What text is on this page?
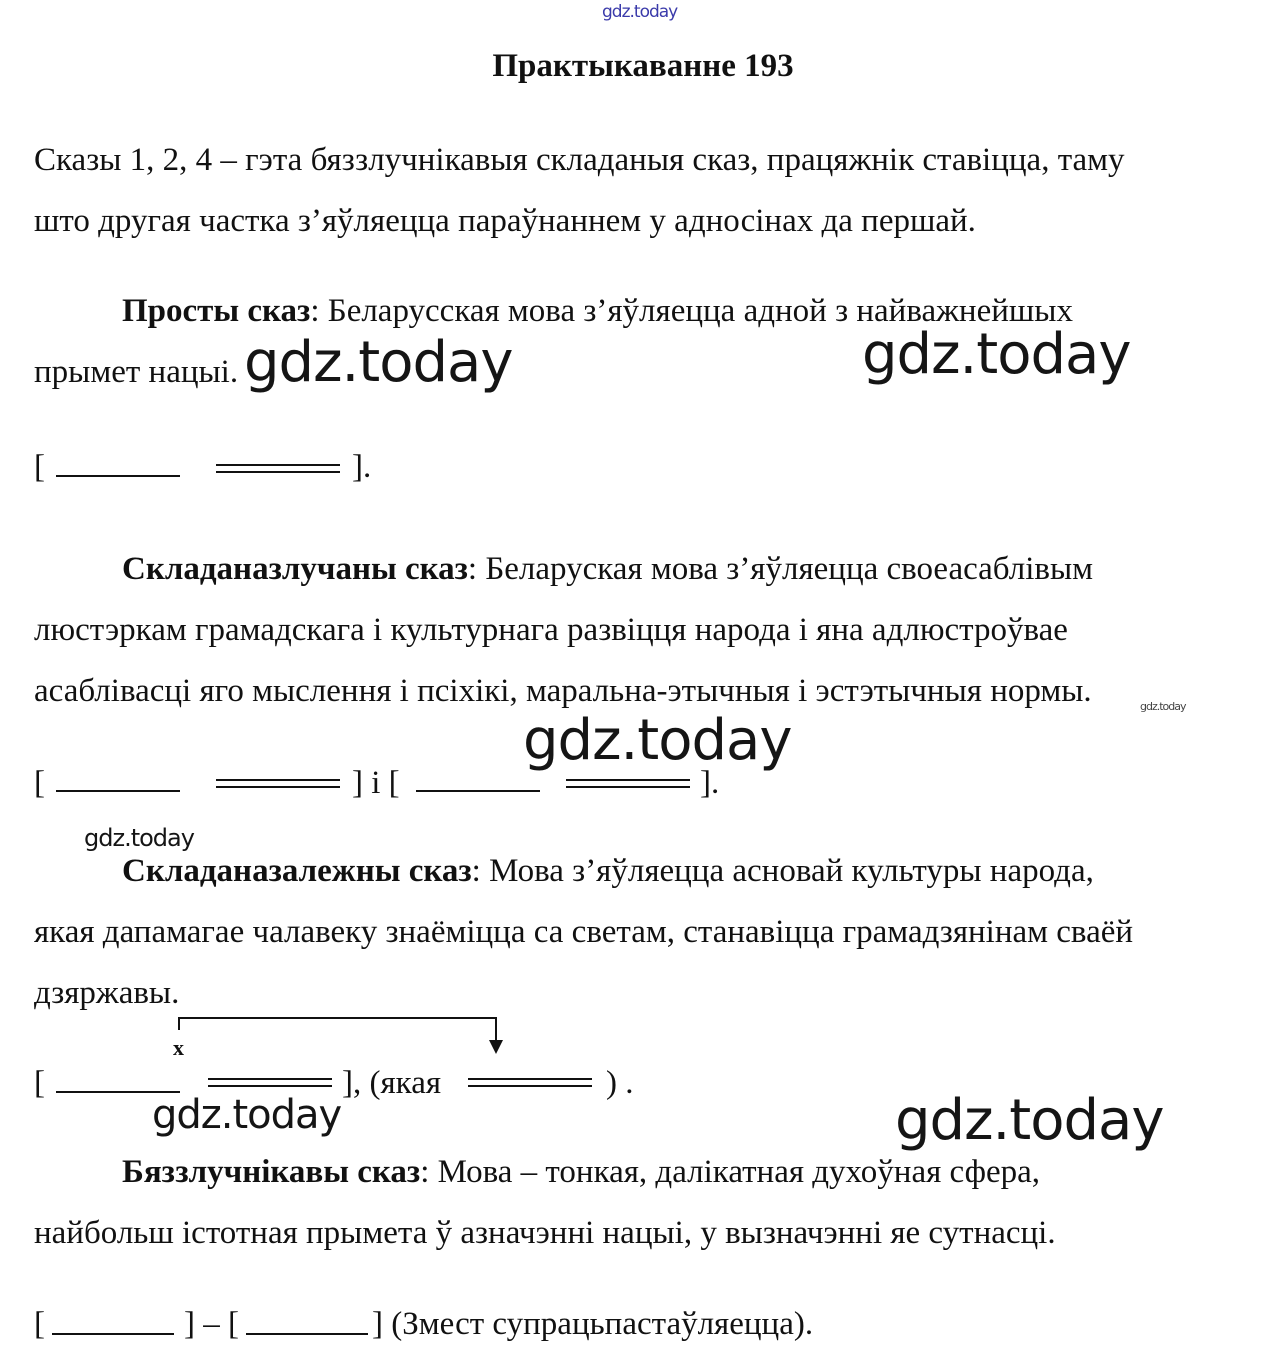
gdz.today
Практыкаванне 193
Сказы 1, 2, 4 – гэта бяззлучнікавыя складаныя сказ, працяжнік ставіцца, таму
што другая частка з’яўляецца параўнаннем у адносінах да першай.
Просты сказ: Беларусская мова з’яўляецца адной з найважнейшых
прымет нацыі. gdz.today	gdz.today
[	].
Складаназлучаны сказ: Беларуская мова з’яўляецца своеасаблівым
люстэркам грамадскага і культурнага развіцця народа і яна адлюстроўвае
асаблівасці яго мыслення і псіхікі, маральна-этычныя і эстэтычныя нормы.	gdz.today
gdz.today
[	] і [	].
gdz.today
Складаназалежны сказ: Мова з’яўляецца асновай культуры народа,
якая дапамагае чалавеку знаёміцца са светам, станавіцца грамадзянінам сваёй
дзяржавы.
х
[	], (якая	) .
gdz.today	gdz.today
Бяззлучнікавы сказ: Мова – тонкая, далікатная духоўная сфера,
найбольш істотная прымета ў азначэнні нацыі, у вызначэнні яе сутнасці.
[	] – [	] (Змест супрацьпастаўляецца).
